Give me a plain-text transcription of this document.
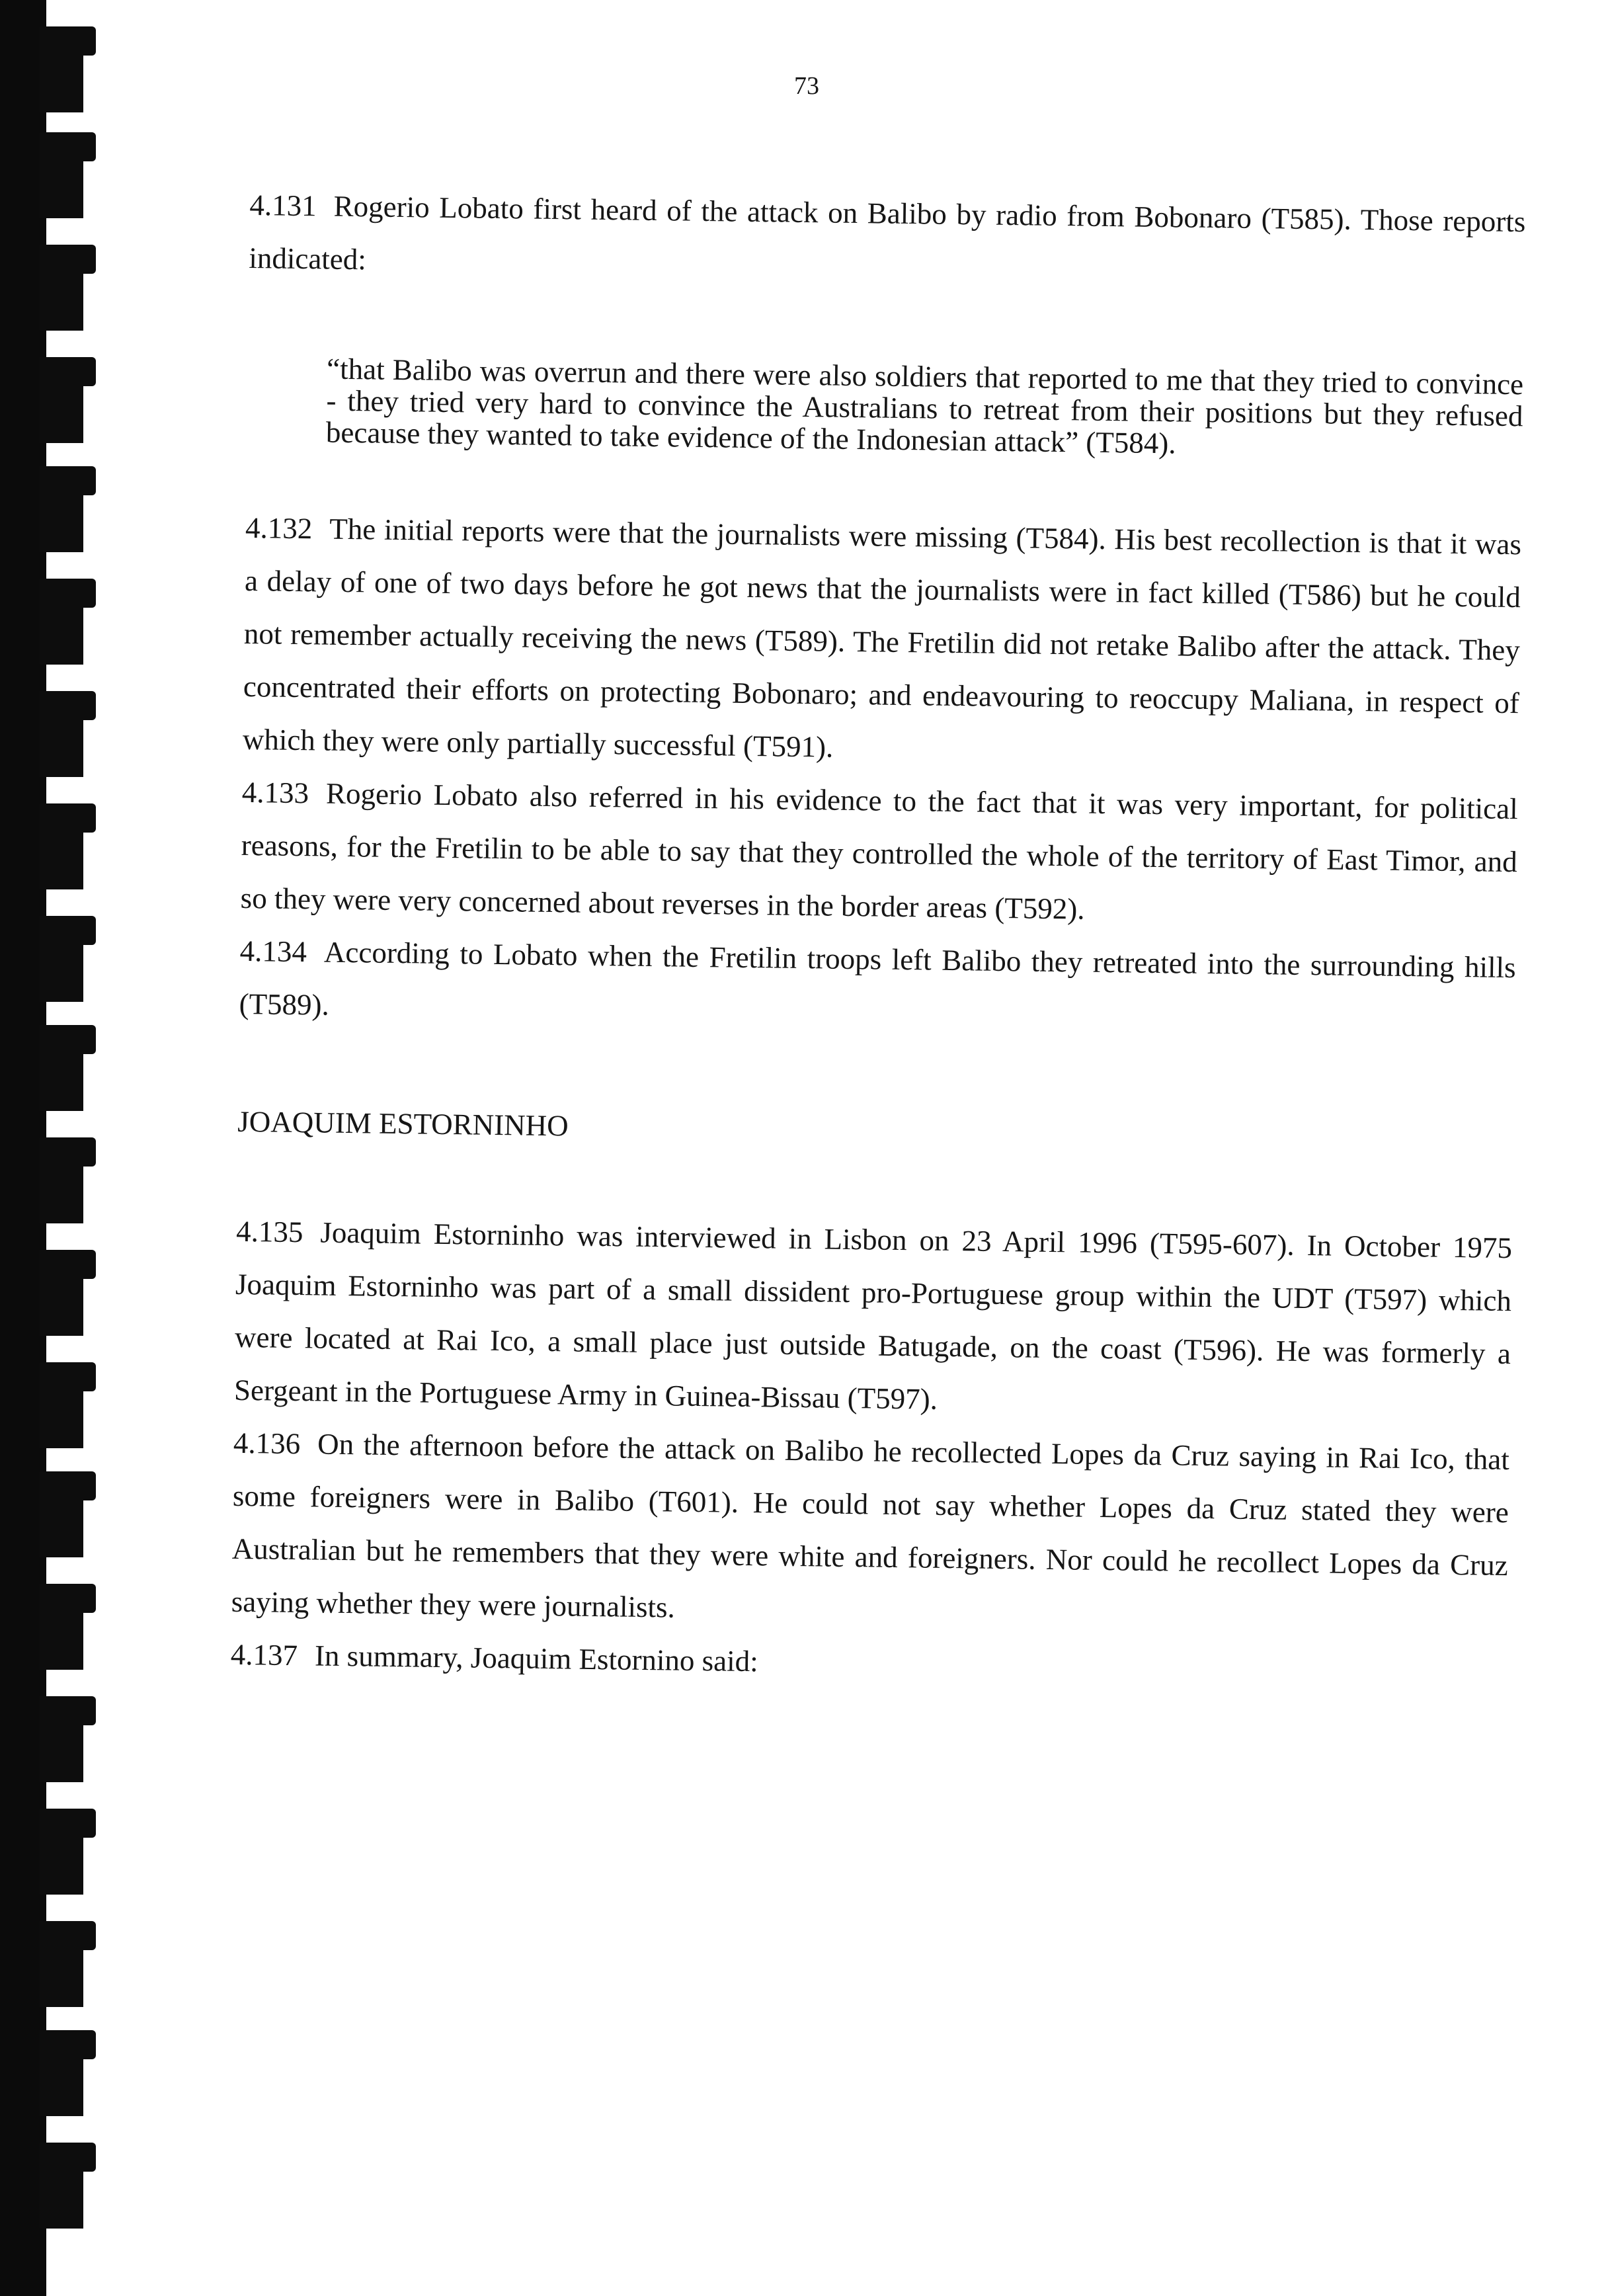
73

4.131 Rogerio Lobato first heard of the attack on Balibo by radio from Bobonaro (T585). Those reports indicated:

“that Balibo was overrun and there were also soldiers that reported to me that they tried to convince - they tried very hard to convince the Australians to retreat from their positions but they refused because they wanted to take evidence of the Indonesian attack” (T584).

4.132 The initial reports were that the journalists were missing (T584). His best recollection is that it was a delay of one of two days before he got news that the journalists were in fact killed (T586) but he could not remember actually receiving the news (T589). The Fretilin did not retake Balibo after the attack. They concentrated their efforts on protecting Bobonaro; and endeavouring to reoccupy Maliana, in respect of which they were only partially successful (T591).

4.133 Rogerio Lobato also referred in his evidence to the fact that it was very important, for political reasons, for the Fretilin to be able to say that they controlled the whole of the territory of East Timor, and so they were very concerned about reverses in the border areas (T592).

4.134 According to Lobato when the Fretilin troops left Balibo they retreated into the surrounding hills (T589).

JOAQUIM ESTORNINHO

4.135 Joaquim Estorninho was interviewed in Lisbon on 23 April 1996 (T595-607). In October 1975 Joaquim Estorninho was part of a small dissident pro-Portuguese group within the UDT (T597) which were located at Rai Ico, a small place just outside Batugade, on the coast (T596). He was formerly a Sergeant in the Portuguese Army in Guinea-Bissau (T597).

4.136 On the afternoon before the attack on Balibo he recollected Lopes da Cruz saying in Rai Ico, that some foreigners were in Balibo (T601). He could not say whether Lopes da Cruz stated they were Australian but he remembers that they were white and foreigners. Nor could he recollect Lopes da Cruz saying whether they were journalists.

4.137 In summary, Joaquim Estornino said:
